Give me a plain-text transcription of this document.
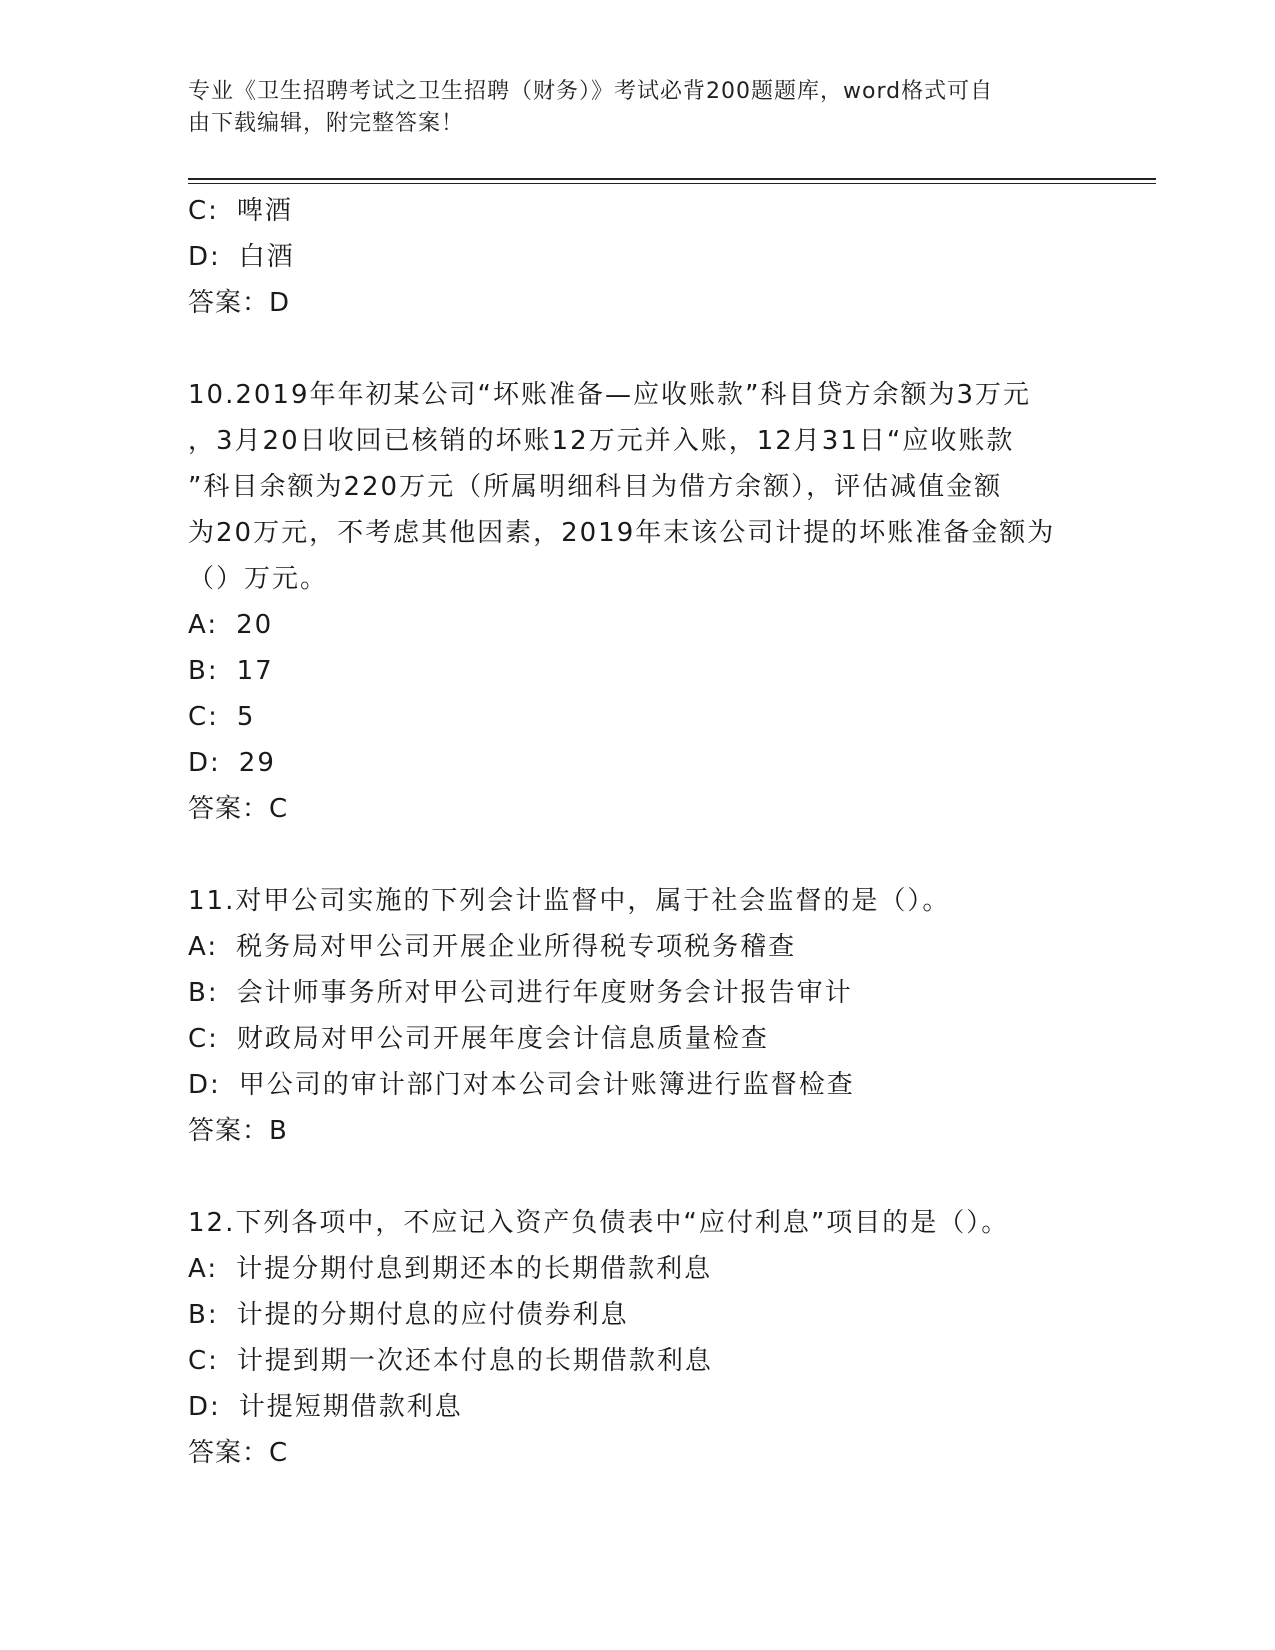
专业《卫生招聘考试之卫生招聘（财务）》考试必背200题题库，word格式可自
由下载编辑，附完整答案！
C: 啤酒
D: 白酒
答案：D
10.2019年年初某公司“坏账准备—应收账款”科目贷方余额为3万元
，3月20日收回已核销的坏账12万元并入账，12月31日“应收账款
”科目余额为220万元（所属明细科目为借方余额），评估减值金额
为20万元，不考虑其他因素，2019年末该公司计提的坏账准备金额为
（）万元。
A: 20
B: 17
C: 5
D: 29
答案：C
11.对甲公司实施的下列会计监督中，属于社会监督的是（）。
A: 税务局对甲公司开展企业所得税专项税务稽查
B: 会计师事务所对甲公司进行年度财务会计报告审计
C: 财政局对甲公司开展年度会计信息质量检查
D: 甲公司的审计部门对本公司会计账簿进行监督检查
答案：B
12.下列各项中，不应记入资产负债表中“应付利息”项目的是（）。
A: 计提分期付息到期还本的长期借款利息
B: 计提的分期付息的应付债券利息
C: 计提到期一次还本付息的长期借款利息
D: 计提短期借款利息
答案：C
